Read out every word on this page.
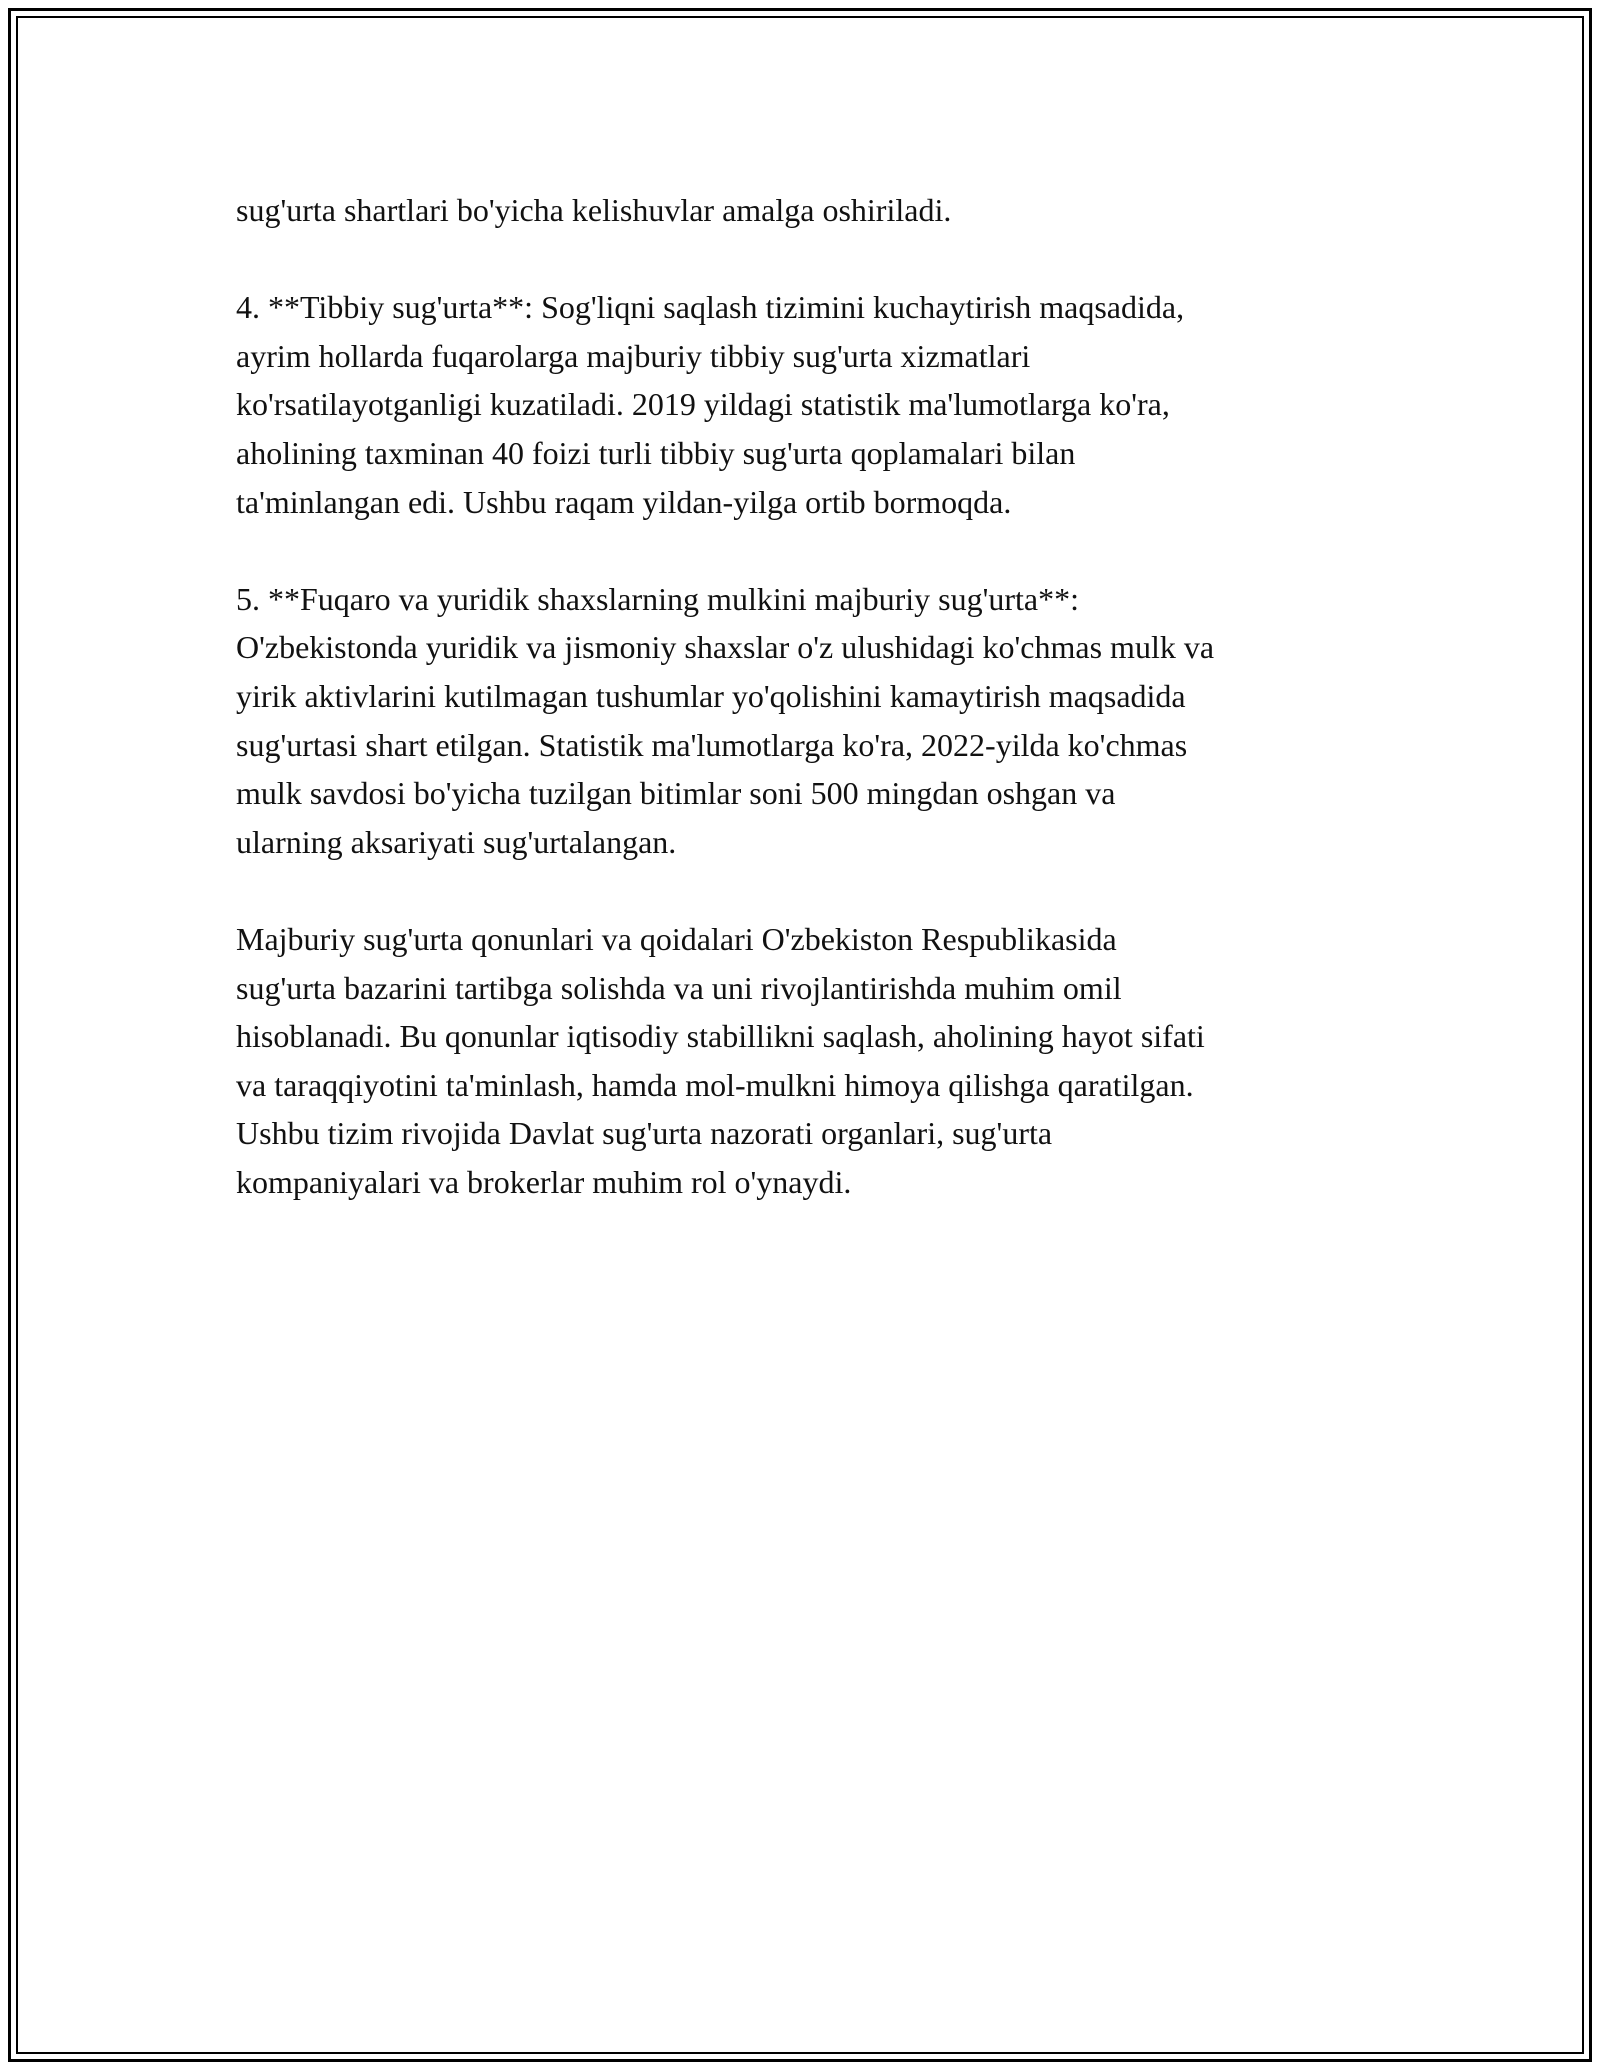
sug'urta shartlari bo'yicha kelishuvlar amalga oshiriladi.

4. **Tibbiy sug'urta**: Sog'liqni saqlash tizimini kuchaytirish maqsadida,
ayrim hollarda fuqarolarga majburiy tibbiy sug'urta xizmatlari
ko'rsatilayotganligi kuzatiladi. 2019 yildagi statistik ma'lumotlarga ko'ra,
aholining taxminan 40 foizi turli tibbiy sug'urta qoplamalari bilan
ta'minlangan edi. Ushbu raqam yildan-yilga ortib bormoqda.

5. **Fuqaro va yuridik shaxslarning mulkini majburiy sug'urta**:
O'zbekistonda yuridik va jismoniy shaxslar o'z ulushidagi ko'chmas mulk va
yirik aktivlarini kutilmagan tushumlar yo'qolishini kamaytirish maqsadida
sug'urtasi shart etilgan. Statistik ma'lumotlarga ko'ra, 2022-yilda ko'chmas
mulk savdosi bo'yicha tuzilgan bitimlar soni 500 mingdan oshgan va
ularning aksariyati sug'urtalangan.

Majburiy sug'urta qonunlari va qoidalari O'zbekiston Respublikasida
sug'urta bazarini tartibga solishda va uni rivojlantirishda muhim omil
hisoblanadi. Bu qonunlar iqtisodiy stabillikni saqlash, aholining hayot sifati
va taraqqiyotini ta'minlash, hamda mol-mulkni himoya qilishga qaratilgan.
Ushbu tizim rivojida Davlat sug'urta nazorati organlari, sug'urta
kompaniyalari va brokerlar muhim rol o'ynaydi.
